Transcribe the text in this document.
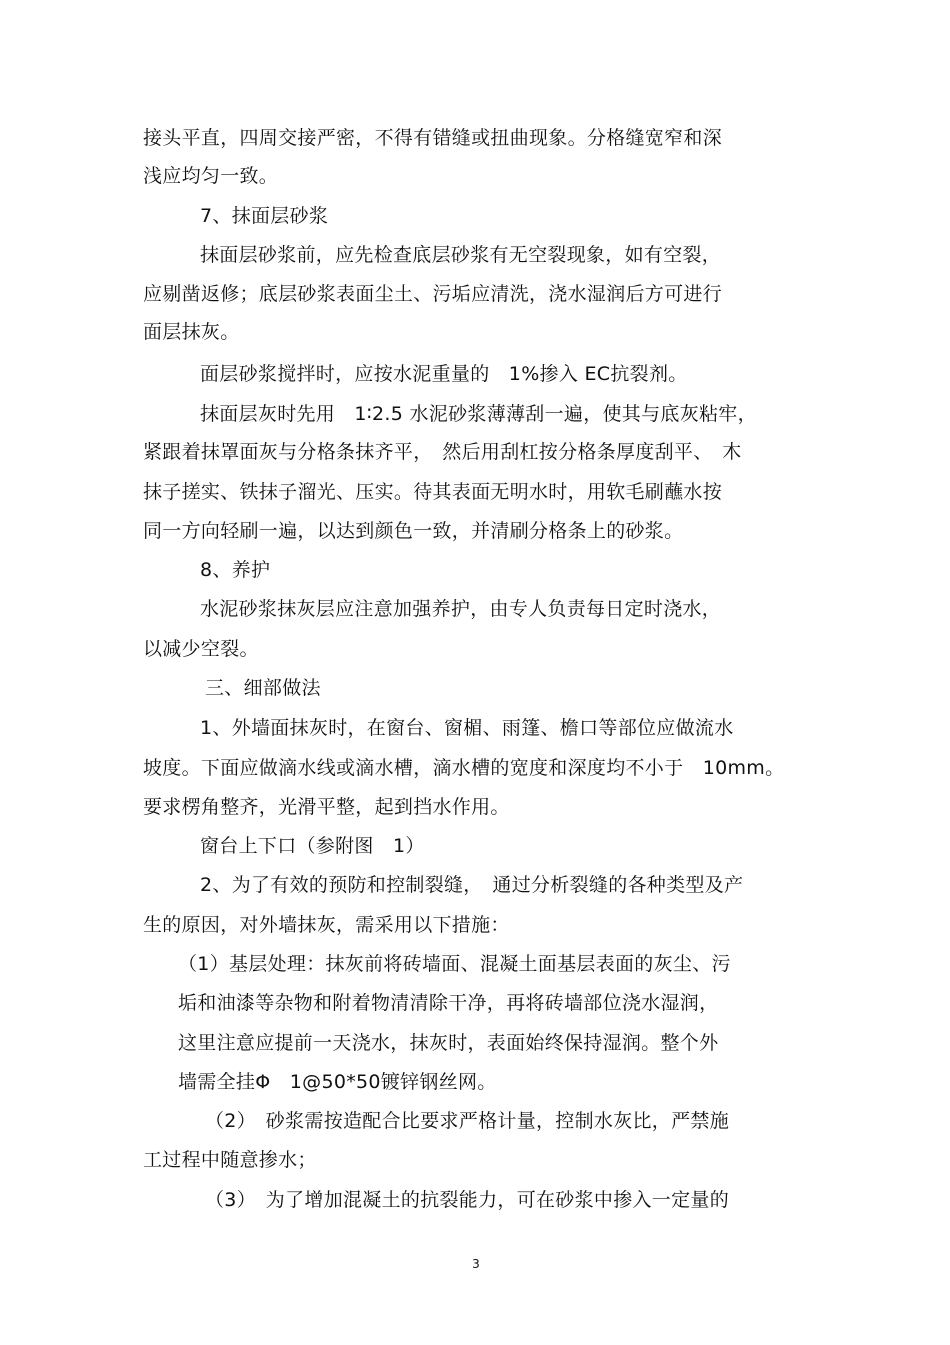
接头平直，四周交接严密，不得有错缝或扭曲现象。分格缝宽窄和深
浅应均匀一致。
7、抹面层砂浆
抹面层砂浆前，应先检查底层砂浆有无空裂现象，如有空裂，
应剔凿返修；底层砂浆表面尘土、污垢应清洗，浇水湿润后方可进行
面层抹灰。
面层砂浆搅拌时，应按水泥重量的　1%掺入 EC抗裂剂。
抹面层灰时先用　1∶2.5 水泥砂浆薄薄刮一遍，使其与底灰粘牢，
紧跟着抹罩面灰与分格条抹齐平，　然后用刮杠按分格条厚度刮平、　木
抹子搓实、铁抹子溜光、压实。待其表面无明水时，用软毛刷蘸水按
同一方向轻刷一遍，以达到颜色一致，并清刷分格条上的砂浆。
8、养护
水泥砂浆抹灰层应注意加强养护，由专人负责每日定时浇水，
以减少空裂。
三、细部做法
1、外墙面抹灰时，在窗台、窗楣、雨篷、檐口等部位应做流水
坡度。下面应做滴水线或滴水槽，滴水槽的宽度和深度均不小于　10mm。
要求楞角整齐，光滑平整，起到挡水作用。
窗台上下口（参附图　1）
2、为了有效的预防和控制裂缝，　通过分析裂缝的各种类型及产
生的原因，对外墙抹灰，需采用以下措施：
（1）基层处理：抹灰前将砖墙面、混凝土面基层表面的灰尘、污
垢和油漆等杂物和附着物清清除干净，再将砖墙部位浇水湿润，
这里注意应提前一天浇水，抹灰时，表面始终保持湿润。整个外
墙需全挂Φ　1@50*50镀锌钢丝网。
（2）　砂浆需按造配合比要求严格计量，控制水灰比，严禁施
工过程中随意掺水；
（3）　为了增加混凝土的抗裂能力，可在砂浆中掺入一定量的
3
